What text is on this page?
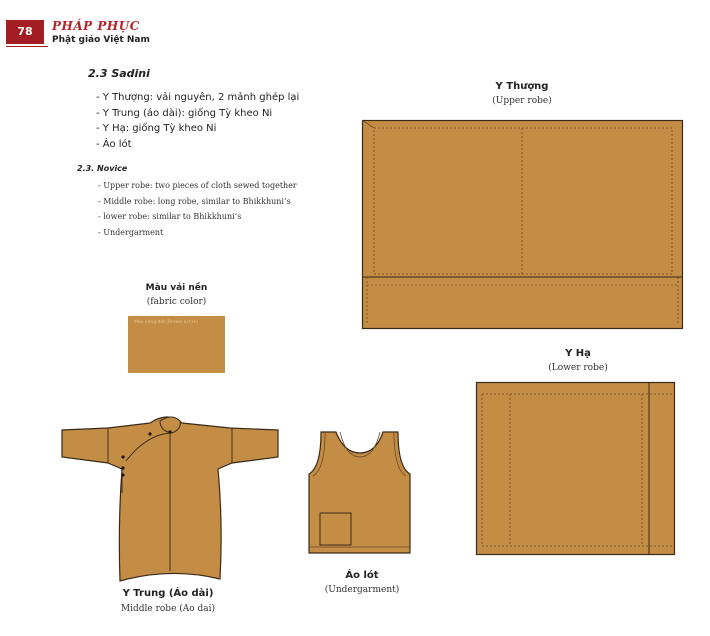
78	PHÁP PHỤC
Phật giáo Việt Nam
2.3 Sadini
- Y Thượng: vải nguyên, 2 mảnh ghép lại
- Y Trung (áo dài): giống Tỳ kheo Ni
- Y Hạ: giống Tỳ kheo Ni
- Áo lót
2.3. Novice
- Upper robe: two pieces of cloth sewed together
- Middle robe: long robe, similar to Bhikkhuni’s
- lower robe: similar to Bhikkhuni’s
- Undergarment
Y Thượng
(Upper robe)
Màu vải nền
(fabric color)
Màu vàng đất (Brown ochre)
Y Hạ
(Lower robe)
Y Trung (Áo dài)
Middle robe (Ao dai)
Áo lót
(Undergarment)
